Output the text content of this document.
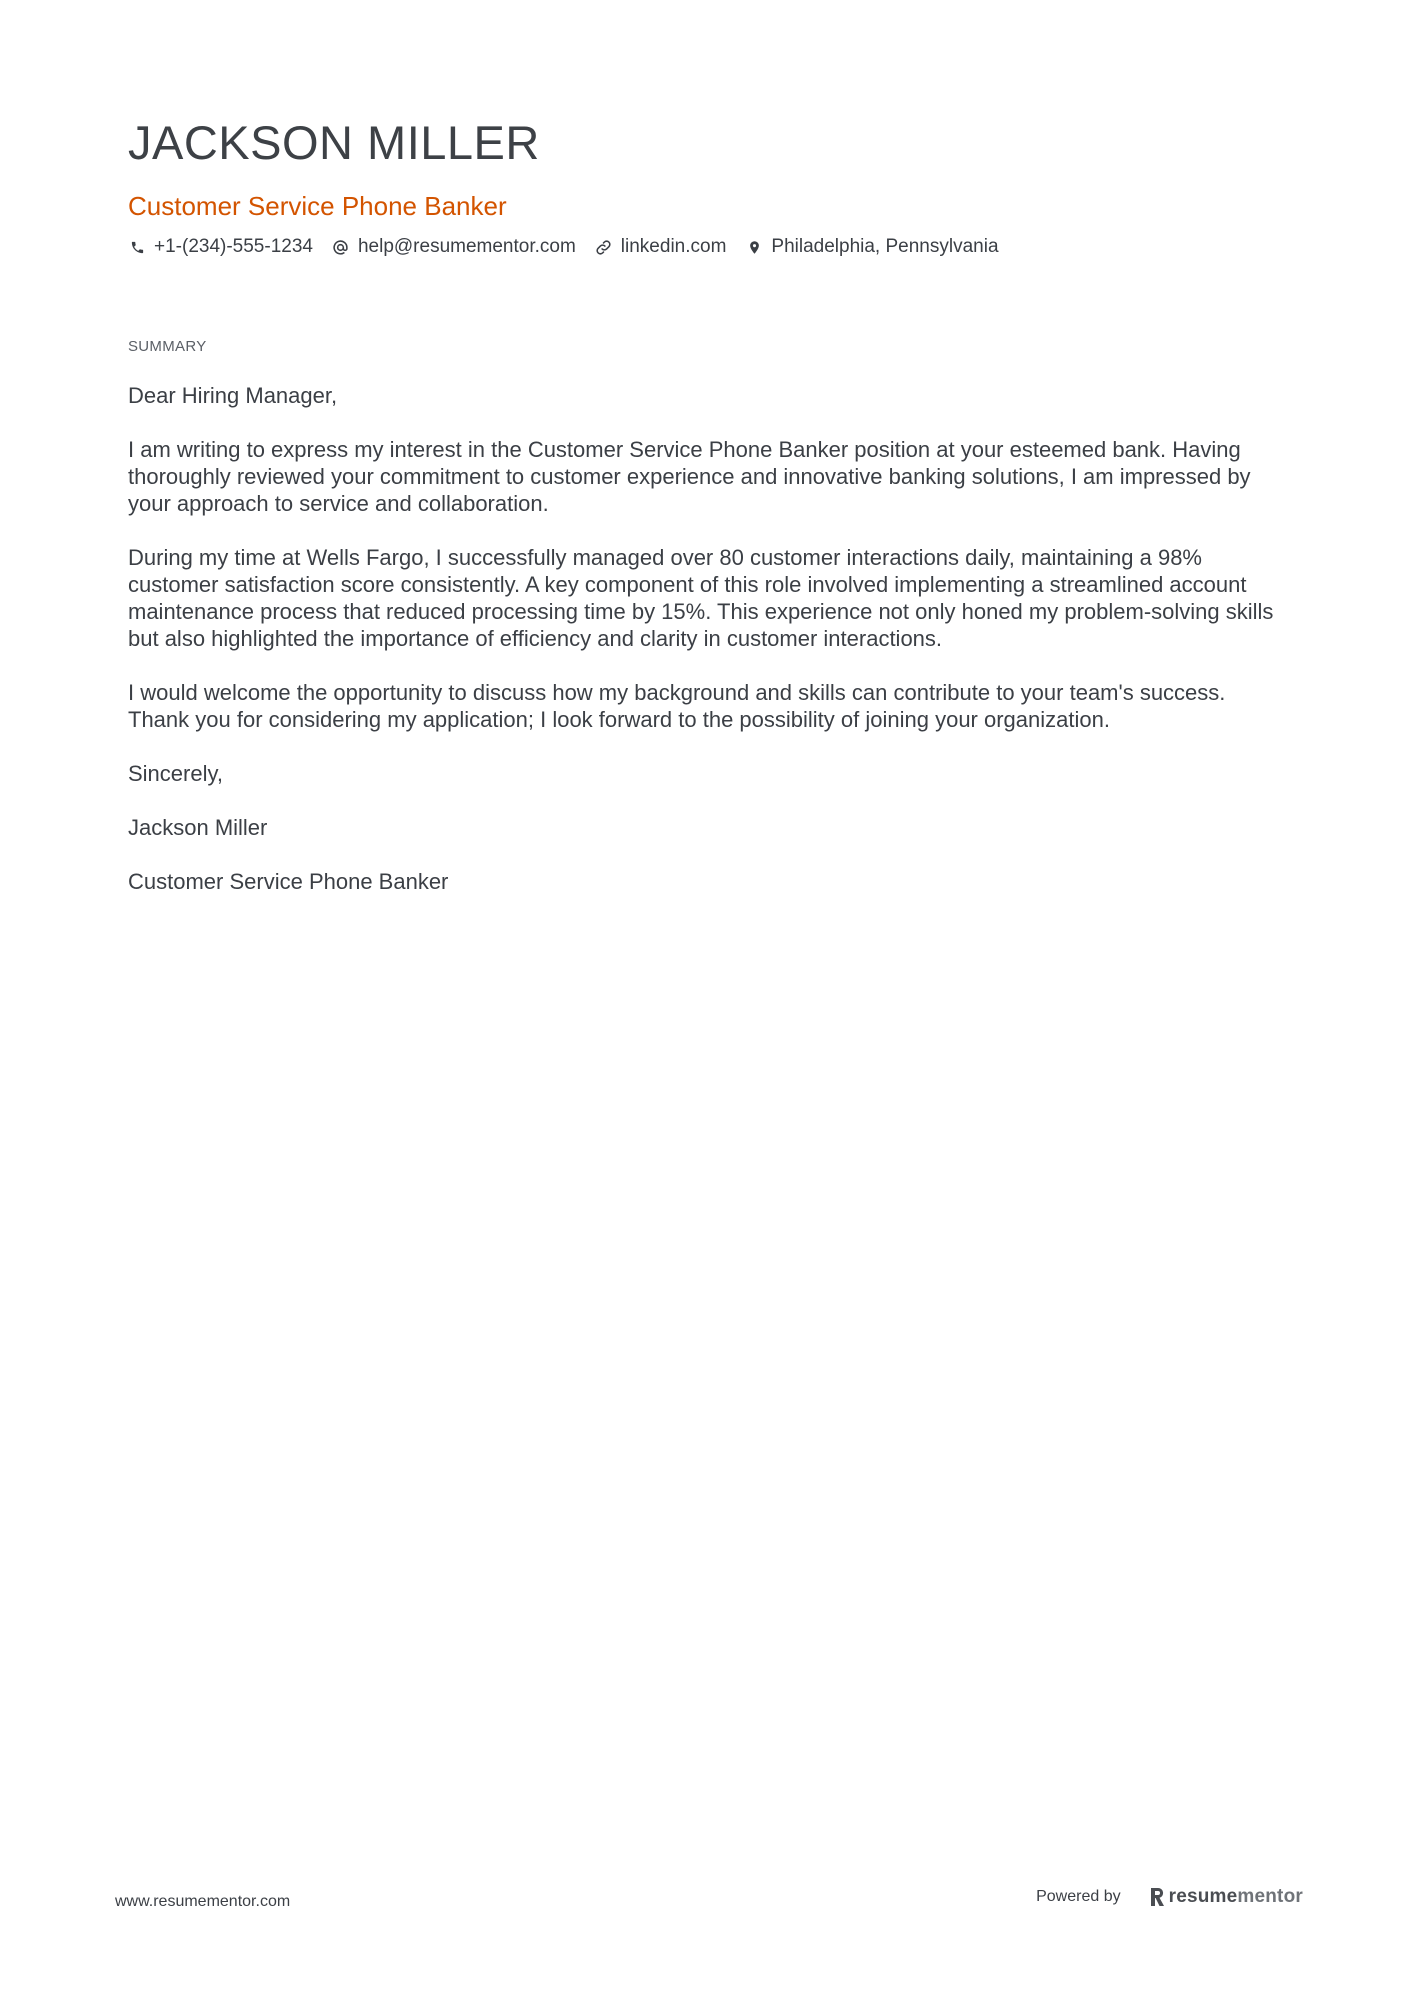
JACKSON MILLER
Customer Service Phone Banker
+1-(234)-555-1234 help@resumementor.com linkedin.com Philadelphia, Pennsylvania
SUMMARY

Dear Hiring Manager,

I am writing to express my interest in the Customer Service Phone Banker position at your esteemed bank. Having thoroughly reviewed your commitment to customer experience and innovative banking solutions, I am impressed by your approach to service and collaboration.

During my time at Wells Fargo, I successfully managed over 80 customer interactions daily, maintaining a 98% customer satisfaction score consistently. A key component of this role involved implementing a streamlined account maintenance process that reduced processing time by 15%. This experience not only honed my problem-solving skills but also highlighted the importance of efficiency and clarity in customer interactions.

I would welcome the opportunity to discuss how my background and skills can contribute to your team's success. Thank you for considering my application; I look forward to the possibility of joining your organization.

Sincerely,

Jackson Miller

Customer Service Phone Banker

www.resumementor.com	Powered by	resume mentor
